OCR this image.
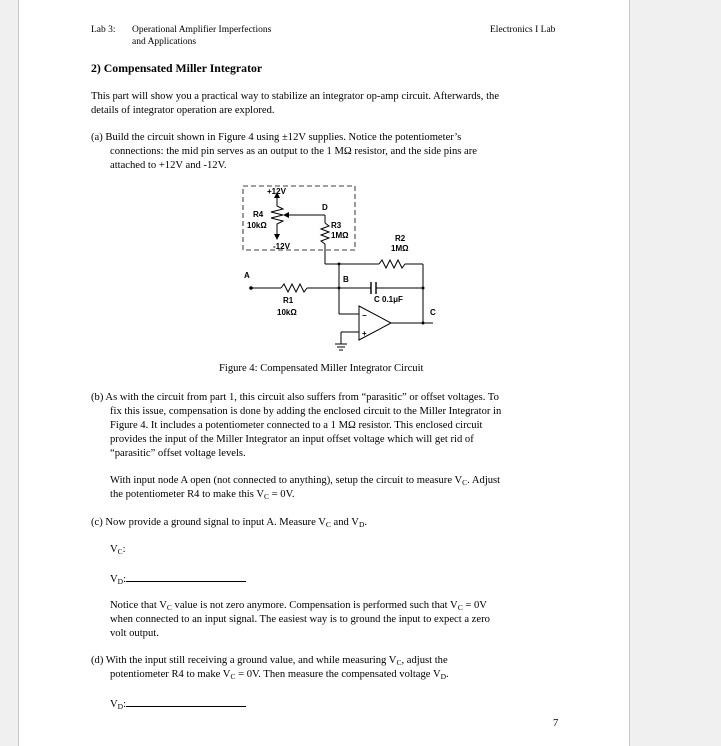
Lab 3: Operational Amplifier Imperfections
and Applications
Electronics I Lab
2) Compensated Miller Integrator
This part will show you a practical way to stabilize an integrator op-amp circuit. Afterwards, the
details of integrator operation are explored.
(a) Build the circuit shown in Figure 4 using ±12V supplies. Notice the potentiometer’s
connections: the mid pin serves as an output to the 1 MΩ resistor, and the side pins are
attached to +12V and -12V.
+12V
R4
10kΩ
-12V
D
R3
1MΩ	R2
1MΩ
A	B
C 0.1μF
R1
10kΩ	C
−
+
Figure 4: Compensated Miller Integrator Circuit
(b) As with the circuit from part 1, this circuit also suffers from “parasitic” or offset voltages. To
fix this issue, compensation is done by adding the enclosed circuit to the Miller Integrator in
Figure 4. It includes a potentiometer connected to a 1 MΩ resistor. This enclosed circuit
provides the input of the Miller Integrator an input offset voltage which will get rid of
“parasitic” offset voltage levels.
With input node A open (not connected to anything), setup the circuit to measure $V_C$. Adjust
the potentiometer R4 to make this $V_C = 0V$.
(c) Now provide a ground signal to input A. Measure $V_C$ and $V_D$.
$V_C$:
$V_D$:
Notice that $V_C$ value is not zero anymore. Compensation is performed such that $V_C = 0V$
when connected to an input signal. The easiest way is to ground the input to expect a zero
volt output.
(d) With the input still receiving a ground value, and while measuring $V_C$, adjust the
potentiometer R4 to make $V_C = 0V$. Then measure the compensated voltage $V_D$.
$V_D$:
7
